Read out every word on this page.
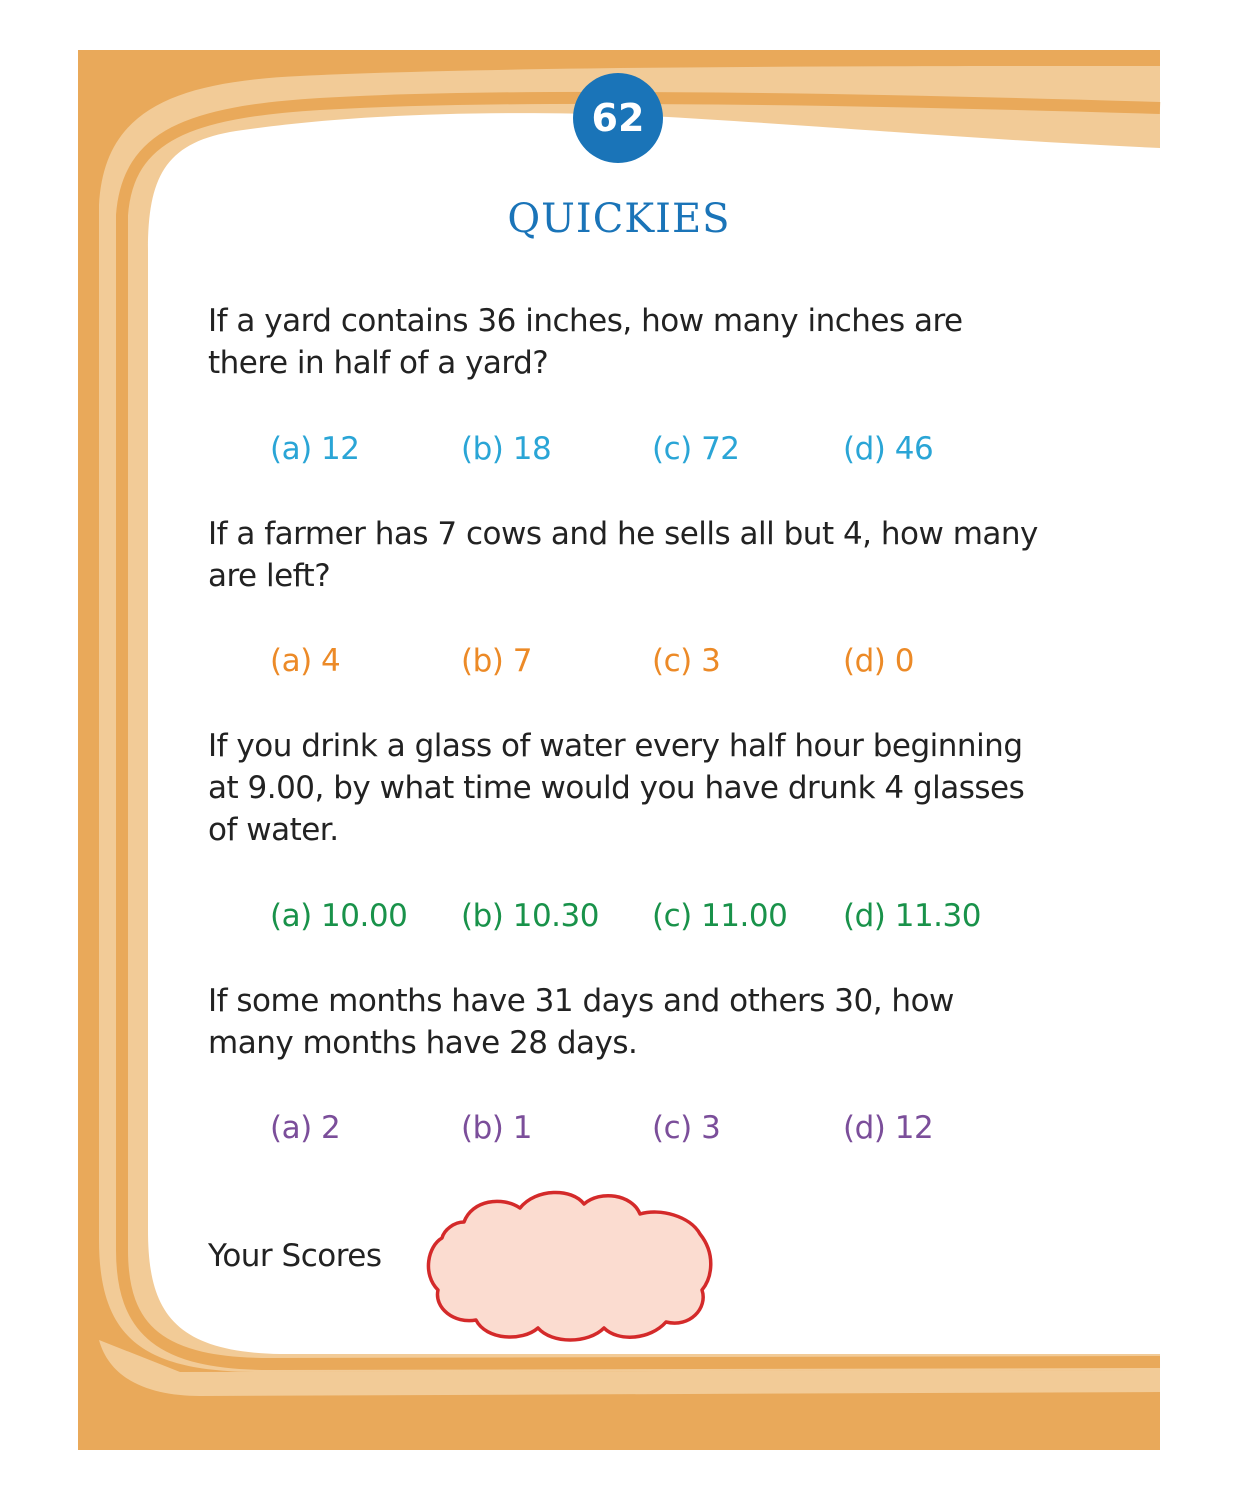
62
QUICKIES
If a yard contains 36 inches, how many inches are there in half of a yard?
(a) 12	(b) 18	(c) 72	(d) 46
If a farmer has 7 cows and he sells all but 4, how many are left?
(a) 4	(b) 7	(c) 3	(d) 0
If you drink a glass of water every half hour beginning at 9.00, by what time would you have drunk 4 glasses of water.
(a) 10.00 (b) 10.30 (c) 11.00 (d) 11.30
If some months have 31 days and others 30, how many months have 28 days.
(a) 2	(b) 1	(c) 3	(d) 12
Your Scores
